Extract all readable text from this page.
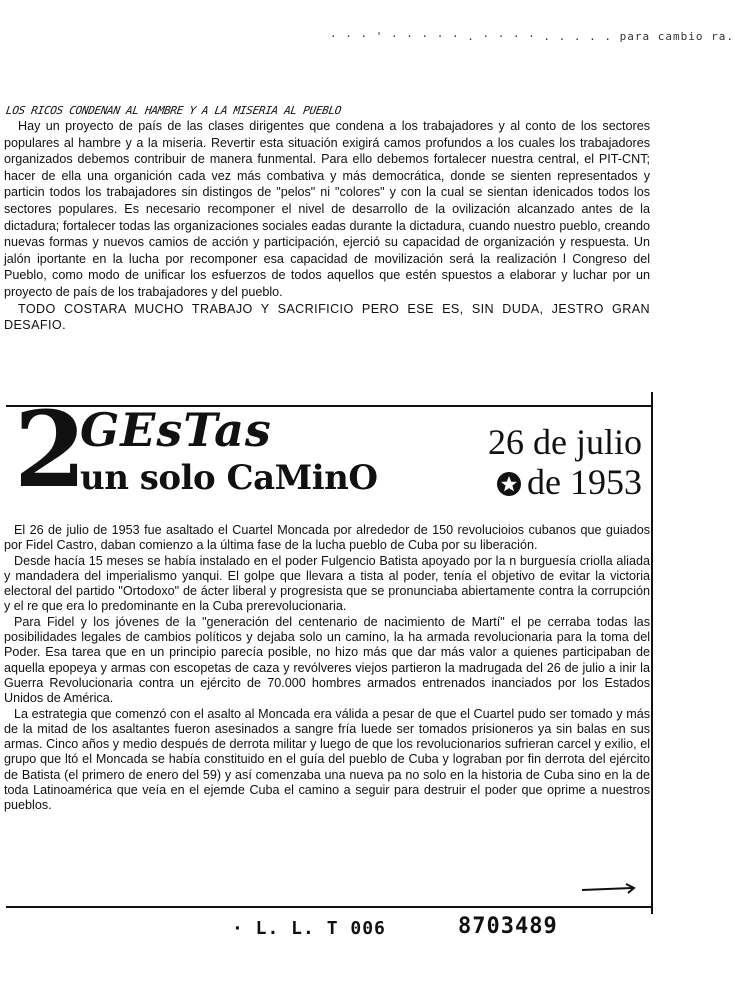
· · · ' · · · · · . · · · · . . . . . para cambio ra.
LOS RICOS CONDENAN AL HAMBRE Y A LA MISERIA AL PUEBLO

Hay un proyecto de país de las clases dirigentes que condena a los trabajadores y al conto de los sectores populares al hambre y a la miseria. Revertir esta situación exigirá camos profundos a los cuales los trabajadores organizados debemos contribuir de manera funmental. Para ello debemos fortalecer nuestra central, el PIT-CNT; hacer de ella una organición cada vez más combativa y más democrática, donde se sienten representados y particin todos los trabajadores sin distingos de "pelos" ni "colores" y con la cual se sientan idenicados todos los sectores populares. Es necesario recomponer el nivel de desarrollo de la ovilización alcanzado antes de la dictadura; fortalecer todas las organizaciones sociales eadas durante la dictadura, cuando nuestro pueblo, creando nuevas formas y nuevos camios de acción y participación, ejerció su capacidad de organización y respuesta. Un jalón iportante en la lucha por recomponer esa capacidad de movilización será la realización l Congreso del Pueblo, como modo de unificar los esfuerzos de todos aquellos que estén spuestos a elaborar y luchar por un proyecto de país de los trabajadores y del pueblo.

TODO COSTARA MUCHO TRABAJO Y SACRIFICIO PERO ESE ES, SIN DUDA, JESTRO GRAN DESAFIO.

2
GEsTas
un solo CaMinO
26 de julio
de 1953

El 26 de julio de 1953 fue asaltado el Cuartel Moncada por alrededor de 150 revolucioios cubanos que guiados por Fidel Castro, daban comienzo a la última fase de la lucha pueblo de Cuba por su liberación.

Desde hacía 15 meses se había instalado en el poder Fulgencio Batista apoyado por la n burguesía criolla aliada y mandadera del imperialismo yanqui. El golpe que llevara a tista al poder, tenía el objetivo de evitar la victoria electoral del partido "Ortodoxo" de ácter liberal y progresista que se pronunciaba abiertamente contra la corrupción y el re que era lo predominante en la Cuba prerevolucionaria.

Para Fidel y los jóvenes de la "generación del centenario de nacimiento de Martí" el pe cerraba todas las posibilidades legales de cambios políticos y dejaba solo un camino, la ha armada revolucionaria para la toma del Poder. Esa tarea que en un principio parecía posible, no hizo más que dar más valor a quienes participaban de aquella epopeya y armas con escopetas de caza y revólveres viejos partieron la madrugada del 26 de julio a inir la Guerra Revolucionaria contra un ejército de 70.000 hombres armados entrenados inanciados por los Estados Unidos de América.

La estrategia que comenzó con el asalto al Moncada era válida a pesar de que el Cuartel pudo ser tomado y más de la mitad de los asaltantes fueron asesinados a sangre fría luede ser tomados prisioneros ya sin balas en sus armas. Cinco años y medio después de derrota militar y luego de que los revolucionarios sufrieran carcel y exilio, el grupo que ltó el Moncada se había constituido en el guía del pueblo de Cuba y lograban por fin derrota del ejército de Batista (el primero de enero del 59) y así comenzaba una nueva pa no solo en la historia de Cuba sino en la de toda Latinoamérica que veía en el ejemde Cuba el camino a seguir para destruir el poder que oprime a nuestros pueblos.

· L. L. T 006	8703489
